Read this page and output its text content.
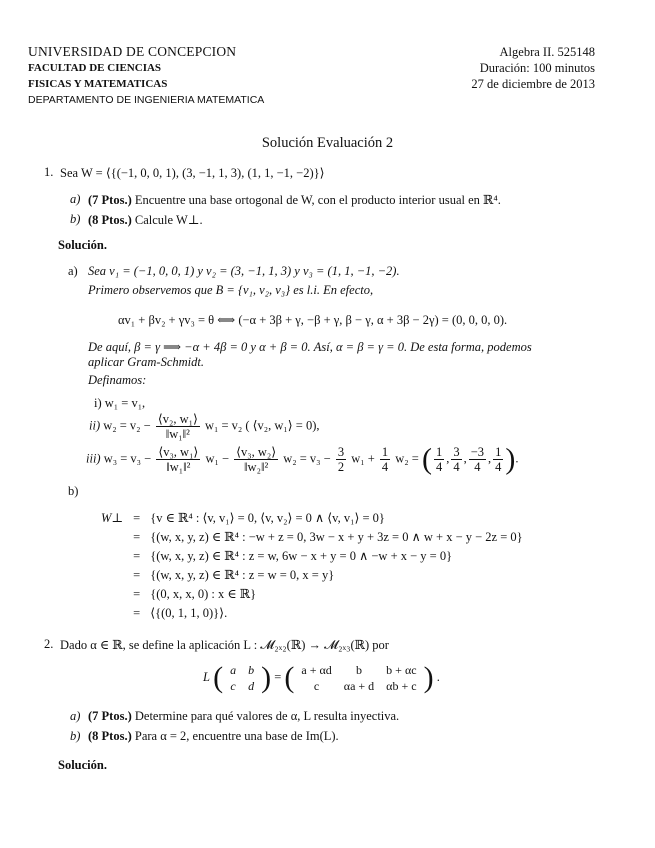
UNIVERSIDAD DE CONCEPCION
FACULTAD DE CIENCIAS
FISICAS Y MATEMATICAS
DEPARTAMENTO DE INGENIERIA MATEMATICA
Algebra II. 525148
Duración: 100 minutos
27 de diciembre de 2013
Solución Evaluación 2
1. Sea W = ⟨{(−1, 0, 0, 1), (3, −1, 1, 3), (1, 1, −1, −2)}⟩
a) (7 Ptos.) Encuentre una base ortogonal de W, con el producto interior usual en ℝ⁴.
b) (8 Ptos.) Calcule W⊥.
Solución.
a) Sea v₁ = (−1, 0, 0, 1) y v₂ = (3, −1, 1, 3) y v₃ = (1, 1, −1, −2).
Primero observemos que B = {v₁, v₂, v₃} es l.i. En efecto,
αv₁ + βv₂ + γv₃ = θ ⟺ (−α + 3β + γ, −β + γ, β − γ, α + 3β − 2γ) = (0, 0, 0, 0).
De aquí, β = γ ⟹ −α + 4β = 0 y α + β = 0. Así, α = β = γ = 0. De esta forma, podemos
aplicar Gram-Schmidt.
Definamos:
i) w₁ = v₁,
ii) $w_2 = v_2 - \frac{\text{⟨v₂, w₁⟩}}{\text{‖w₁‖²}} w_1 = v_2$ ( ⟨v₂, w₁⟩ = 0),
iii) $w_3 = v_3 - \frac{\text{⟨v₃, w₁⟩}}{\text{‖w₁‖²}} w_1 - \frac{\text{⟨v₃, w₂⟩}}{\text{‖w₂‖²}} w_2 = v_3 - \frac{3}{2} w_1 + \frac{1}{4} w_2$ = ( $\frac{1}{4}$ , $\frac{3}{4}$ , $\frac{-3}{4}$ , $\frac{1}{4}$ ).
b)
W⊥	=	{v ∈ ℝ⁴ : ⟨v, v₁⟩ = 0, ⟨v, v₂⟩ = 0 ∧ ⟨v, v₁⟩ = 0}
	=	{(w, x, y, z) ∈ ℝ⁴ : −w + z = 0, 3w − x + y + 3z = 0 ∧ w + x − y − 2z = 0}
	=	{(w, x, y, z) ∈ ℝ⁴ : z = w, 6w − x + y = 0 ∧ −w + x − y = 0}
	=	{(w, x, y, z) ∈ ℝ⁴ : z = w = 0, x = y}
	=	{(0, x, x, 0) : x ∈ ℝ}
	=	⟨{(0, 1, 1, 0)}⟩.
2. Dado α ∈ ℝ, se define la aplicación L : 𝓜₂ₓ₂(ℝ) → 𝓜₂ₓ₃(ℝ) por
L ( a	b
c	d ) = ( a + αd	b	b + αc
c	αa + d	αb + c ) .
a) (7 Ptos.) Determine para qué valores de α, L resulta inyectiva.
b) (8 Ptos.) Para α = 2, encuentre una base de Im(L).
Solución.
